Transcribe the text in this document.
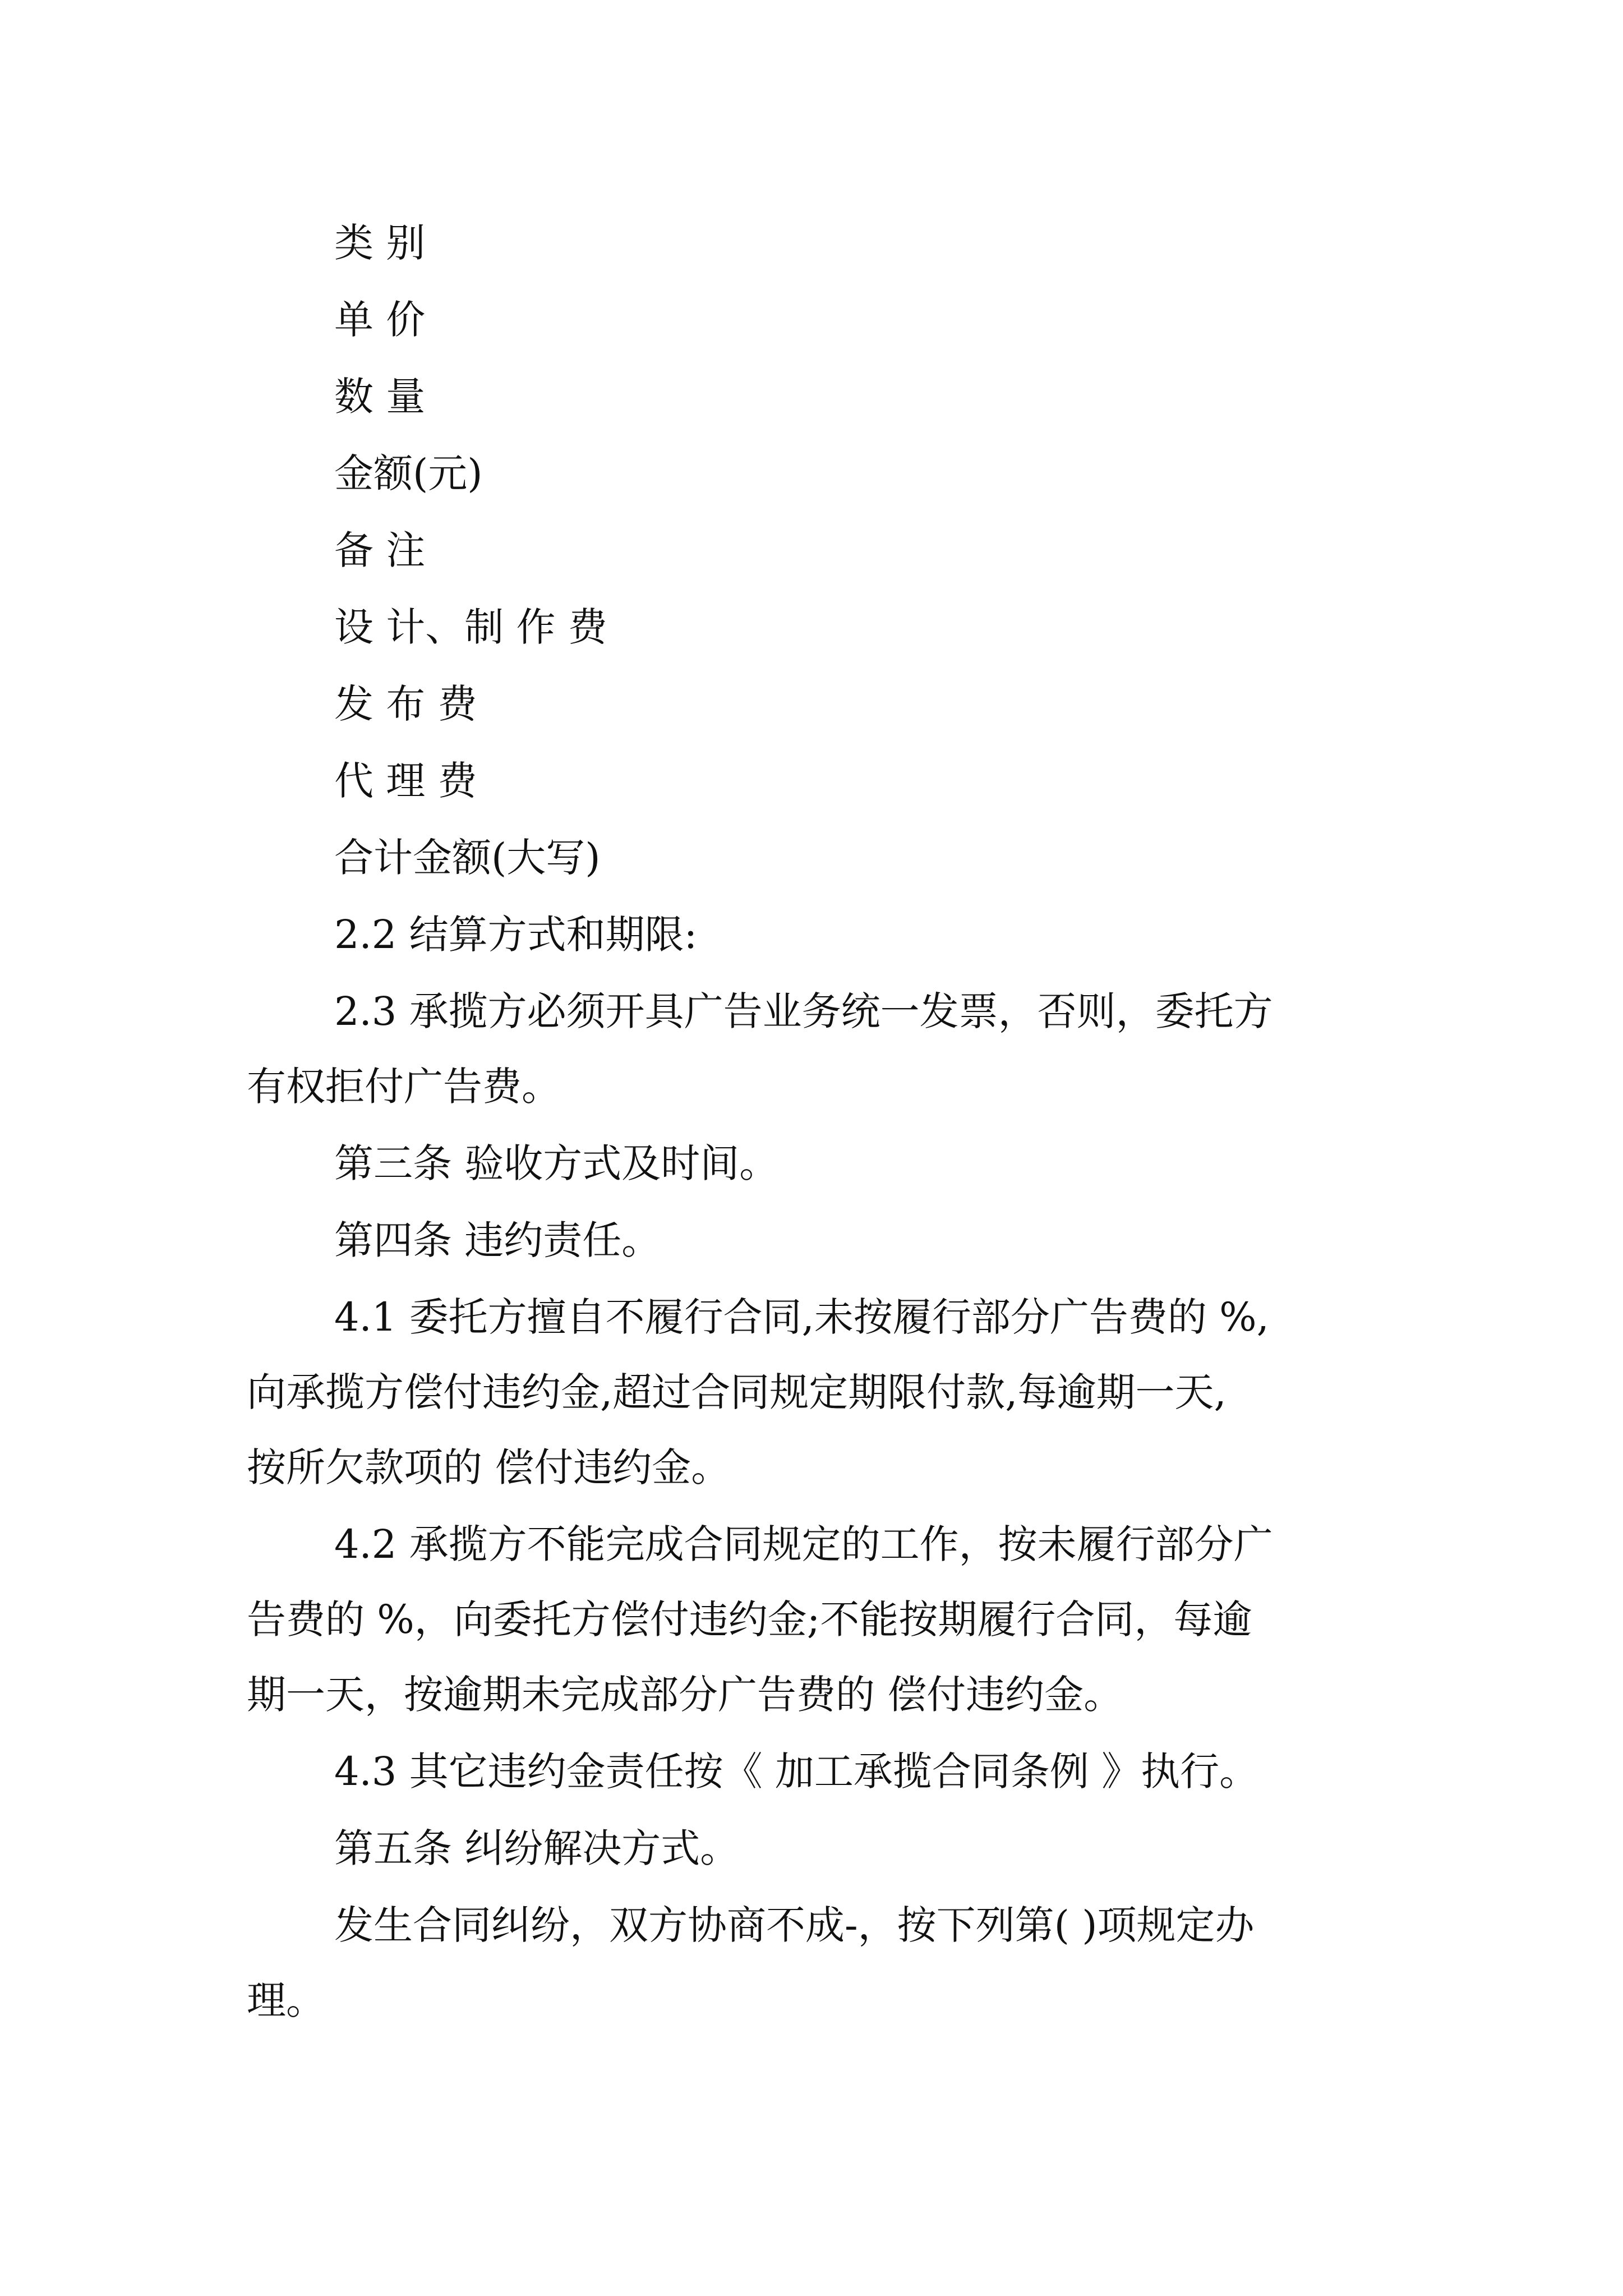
类 别

单 价

数 量

金额(元)

备 注

设 计、制 作 费

发 布 费

代 理 费

合计金额(大写)

2.2 结算方式和期限:

2.3 承揽方必须开具广告业务统一发票，否则，委托方

有权拒付广告费。

第三条 验收方式及时间。

第四条 违约责任。

4.1 委托方擅自不履行合同,未按履行部分广告费的 %,

向承揽方偿付违约金,超过合同规定期限付款,每逾期一天,

按所欠款项的 偿付违约金。

4.2 承揽方不能完成合同规定的工作，按未履行部分广

告费的 %，向委托方偿付违约金;不能按期履行合同，每逾

期一天，按逾期未完成部分广告费的 偿付违约金。

4.3 其它违约金责任按《 加工承揽合同条例 》执行。

第五条 纠纷解决方式。

发生合同纠纷，双方协商不成-，按下列第( )项规定办

理。
